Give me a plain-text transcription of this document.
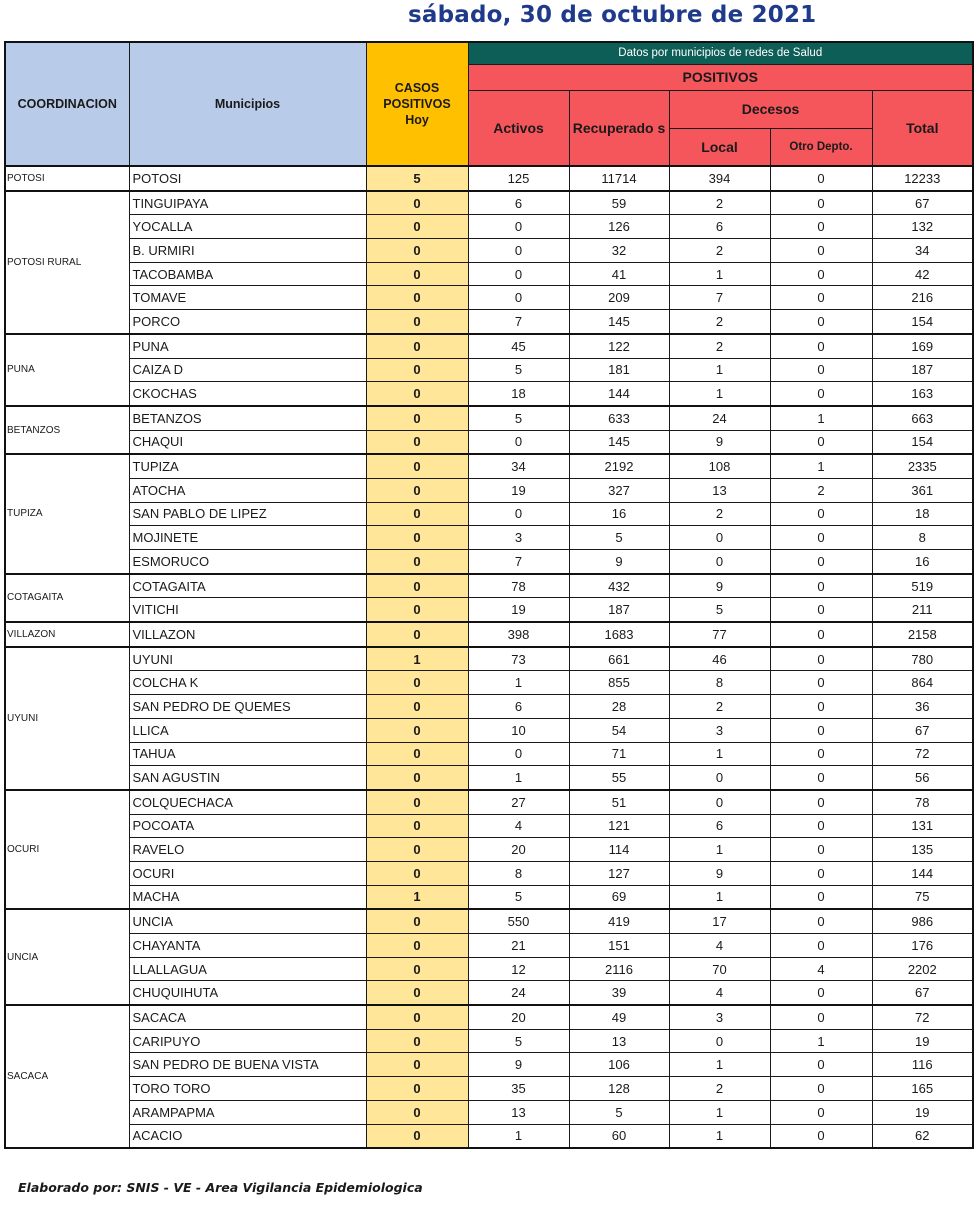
sábado, 30 de octubre de 2021
COORDINACION	Municipios	CASOS POSITIVOS Hoy	Datos por municipios de redes de Salud				
			POSITIVOS				
			Activos	Recuperado s	Decesos		Total
					Local	Otro Depto.	
POTOSI	POTOSI	5	125	11714	394	0	12233
POTOSI RURAL	TINGUIPAYA	0	6	59	2	0	67
	YOCALLA	0	0	126	6	0	132
	B. URMIRI	0	0	32	2	0	34
	TACOBAMBA	0	0	41	1	0	42
	TOMAVE	0	0	209	7	0	216
	PORCO	0	7	145	2	0	154
PUNA	PUNA	0	45	122	2	0	169
	CAIZA D	0	5	181	1	0	187
	CKOCHAS	0	18	144	1	0	163
BETANZOS	BETANZOS	0	5	633	24	1	663
	CHAQUI	0	0	145	9	0	154
TUPIZA	TUPIZA	0	34	2192	108	1	2335
	ATOCHA	0	19	327	13	2	361
	SAN PABLO DE LIPEZ	0	0	16	2	0	18
	MOJINETE	0	3	5	0	0	8
	ESMORUCO	0	7	9	0	0	16
COTAGAITA	COTAGAITA	0	78	432	9	0	519
	VITICHI	0	19	187	5	0	211
VILLAZON	VILLAZON	0	398	1683	77	0	2158
UYUNI	UYUNI	1	73	661	46	0	780
	COLCHA K	0	1	855	8	0	864
	SAN PEDRO DE QUEMES	0	6	28	2	0	36
	LLICA	0	10	54	3	0	67
	TAHUA	0	0	71	1	0	72
	SAN AGUSTIN	0	1	55	0	0	56
OCURI	COLQUECHACA	0	27	51	0	0	78
	POCOATA	0	4	121	6	0	131
	RAVELO	0	20	114	1	0	135
	OCURI	0	8	127	9	0	144
	MACHA	1	5	69	1	0	75
UNCIA	UNCIA	0	550	419	17	0	986
	CHAYANTA	0	21	151	4	0	176
	LLALLAGUA	0	12	2116	70	4	2202
	CHUQUIHUTA	0	24	39	4	0	67
SACACA	SACACA	0	20	49	3	0	72
	CARIPUYO	0	5	13	0	1	19
	SAN PEDRO DE BUENA VISTA	0	9	106	1	0	116
	TORO TORO	0	35	128	2	0	165
	ARAMPAPMA	0	13	5	1	0	19
	ACACIO	0	1	60	1	0	62
Elaborado por: SNIS - VE - Area Vigilancia Epidemiologica
